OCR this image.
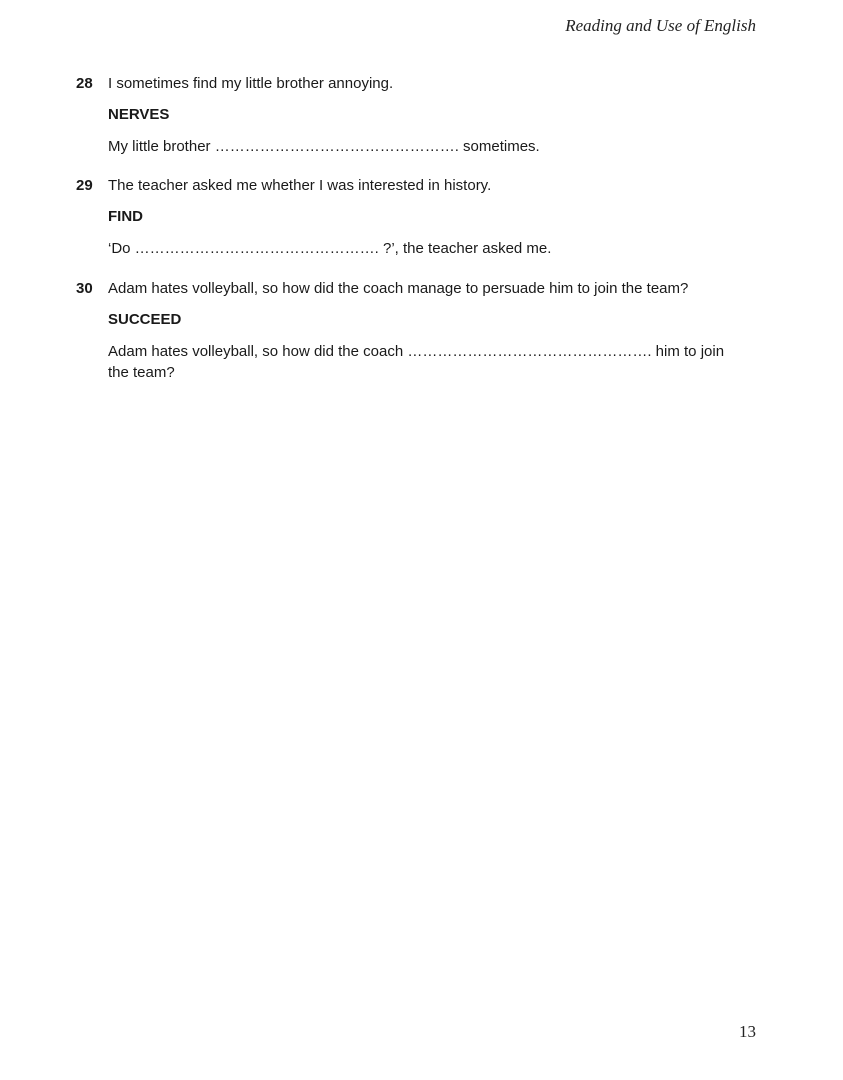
Reading and Use of English
28 I sometimes find my little brother annoying.
NERVES
My little brother …………………………………………. sometimes.
29 The teacher asked me whether I was interested in history.
FIND
‘Do …………………………………………. ?’, the teacher asked me.
30 Adam hates volleyball, so how did the coach manage to persuade him to join the team?
SUCCEED
Adam hates volleyball, so how did the coach …………………………………………. him to join the team?
13
